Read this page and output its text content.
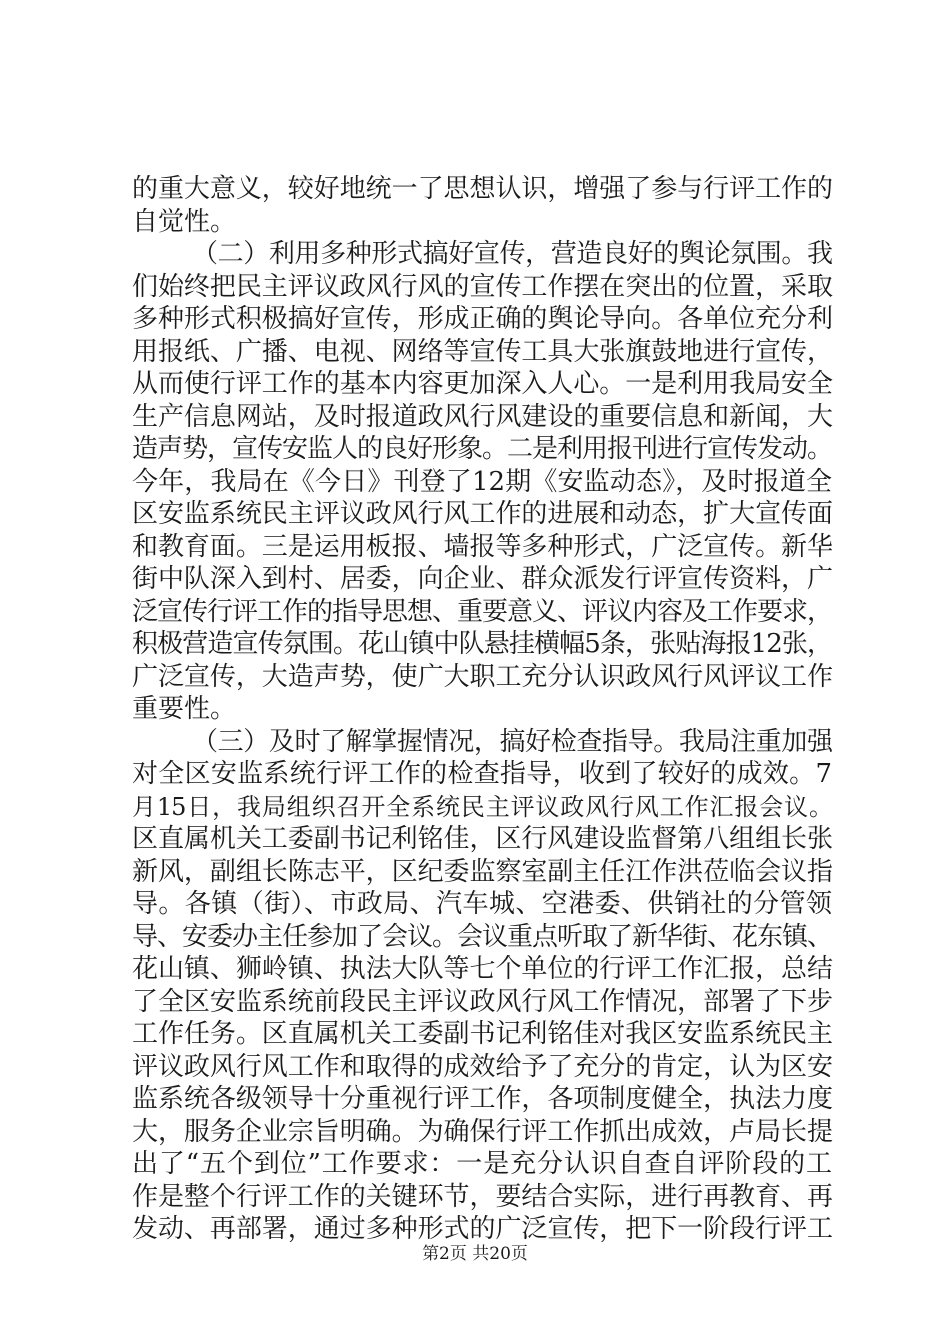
的重大意义，较好地统一了思想认识，增强了参与行评工作的
自觉性。
（二）利用多种形式搞好宣传，营造良好的舆论氛围。我
们始终把民主评议政风行风的宣传工作摆在突出的位置，采取
多种形式积极搞好宣传，形成正确的舆论导向。各单位充分利
用报纸、广播、电视、网络等宣传工具大张旗鼓地进行宣传，
从而使行评工作的基本内容更加深入人心。一是利用我局安全
生产信息网站，及时报道政风行风建设的重要信息和新闻，大
造声势，宣传安监人的良好形象。二是利用报刊进行宣传发动。
今年，我局在《今日》刊登了12期《安监动态》，及时报道全
区安监系统民主评议政风行风工作的进展和动态，扩大宣传面
和教育面。三是运用板报、墙报等多种形式，广泛宣传。新华
街中队深入到村、居委，向企业、群众派发行评宣传资料，广
泛宣传行评工作的指导思想、重要意义、评议内容及工作要求，
积极营造宣传氛围。花山镇中队悬挂横幅5条，张贴海报12张，
广泛宣传，大造声势，使广大职工充分认识政风行风评议工作
重要性。
（三）及时了解掌握情况，搞好检查指导。我局注重加强
对全区安监系统行评工作的检查指导，收到了较好的成效。7
月15日，我局组织召开全系统民主评议政风行风工作汇报会议。
区直属机关工委副书记利铭佳，区行风建设监督第八组组长张
新风，副组长陈志平，区纪委监察室副主任江作洪莅临会议指
导。各镇（街）、市政局、汽车城、空港委、供销社的分管领
导、安委办主任参加了会议。会议重点听取了新华街、花东镇、
花山镇、狮岭镇、执法大队等七个单位的行评工作汇报，总结
了全区安监系统前段民主评议政风行风工作情况，部署了下步
工作任务。区直属机关工委副书记利铭佳对我区安监系统民主
评议政风行风工作和取得的成效给予了充分的肯定，认为区安
监系统各级领导十分重视行评工作，各项制度健全，执法力度
大，服务企业宗旨明确。为确保行评工作抓出成效，卢局长提
出了“五个到位”工作要求：一是充分认识自查自评阶段的工
作是整个行评工作的关键环节，要结合实际，进行再教育、再
发动、再部署，通过多种形式的广泛宣传，把下一阶段行评工
第2页 共20页
